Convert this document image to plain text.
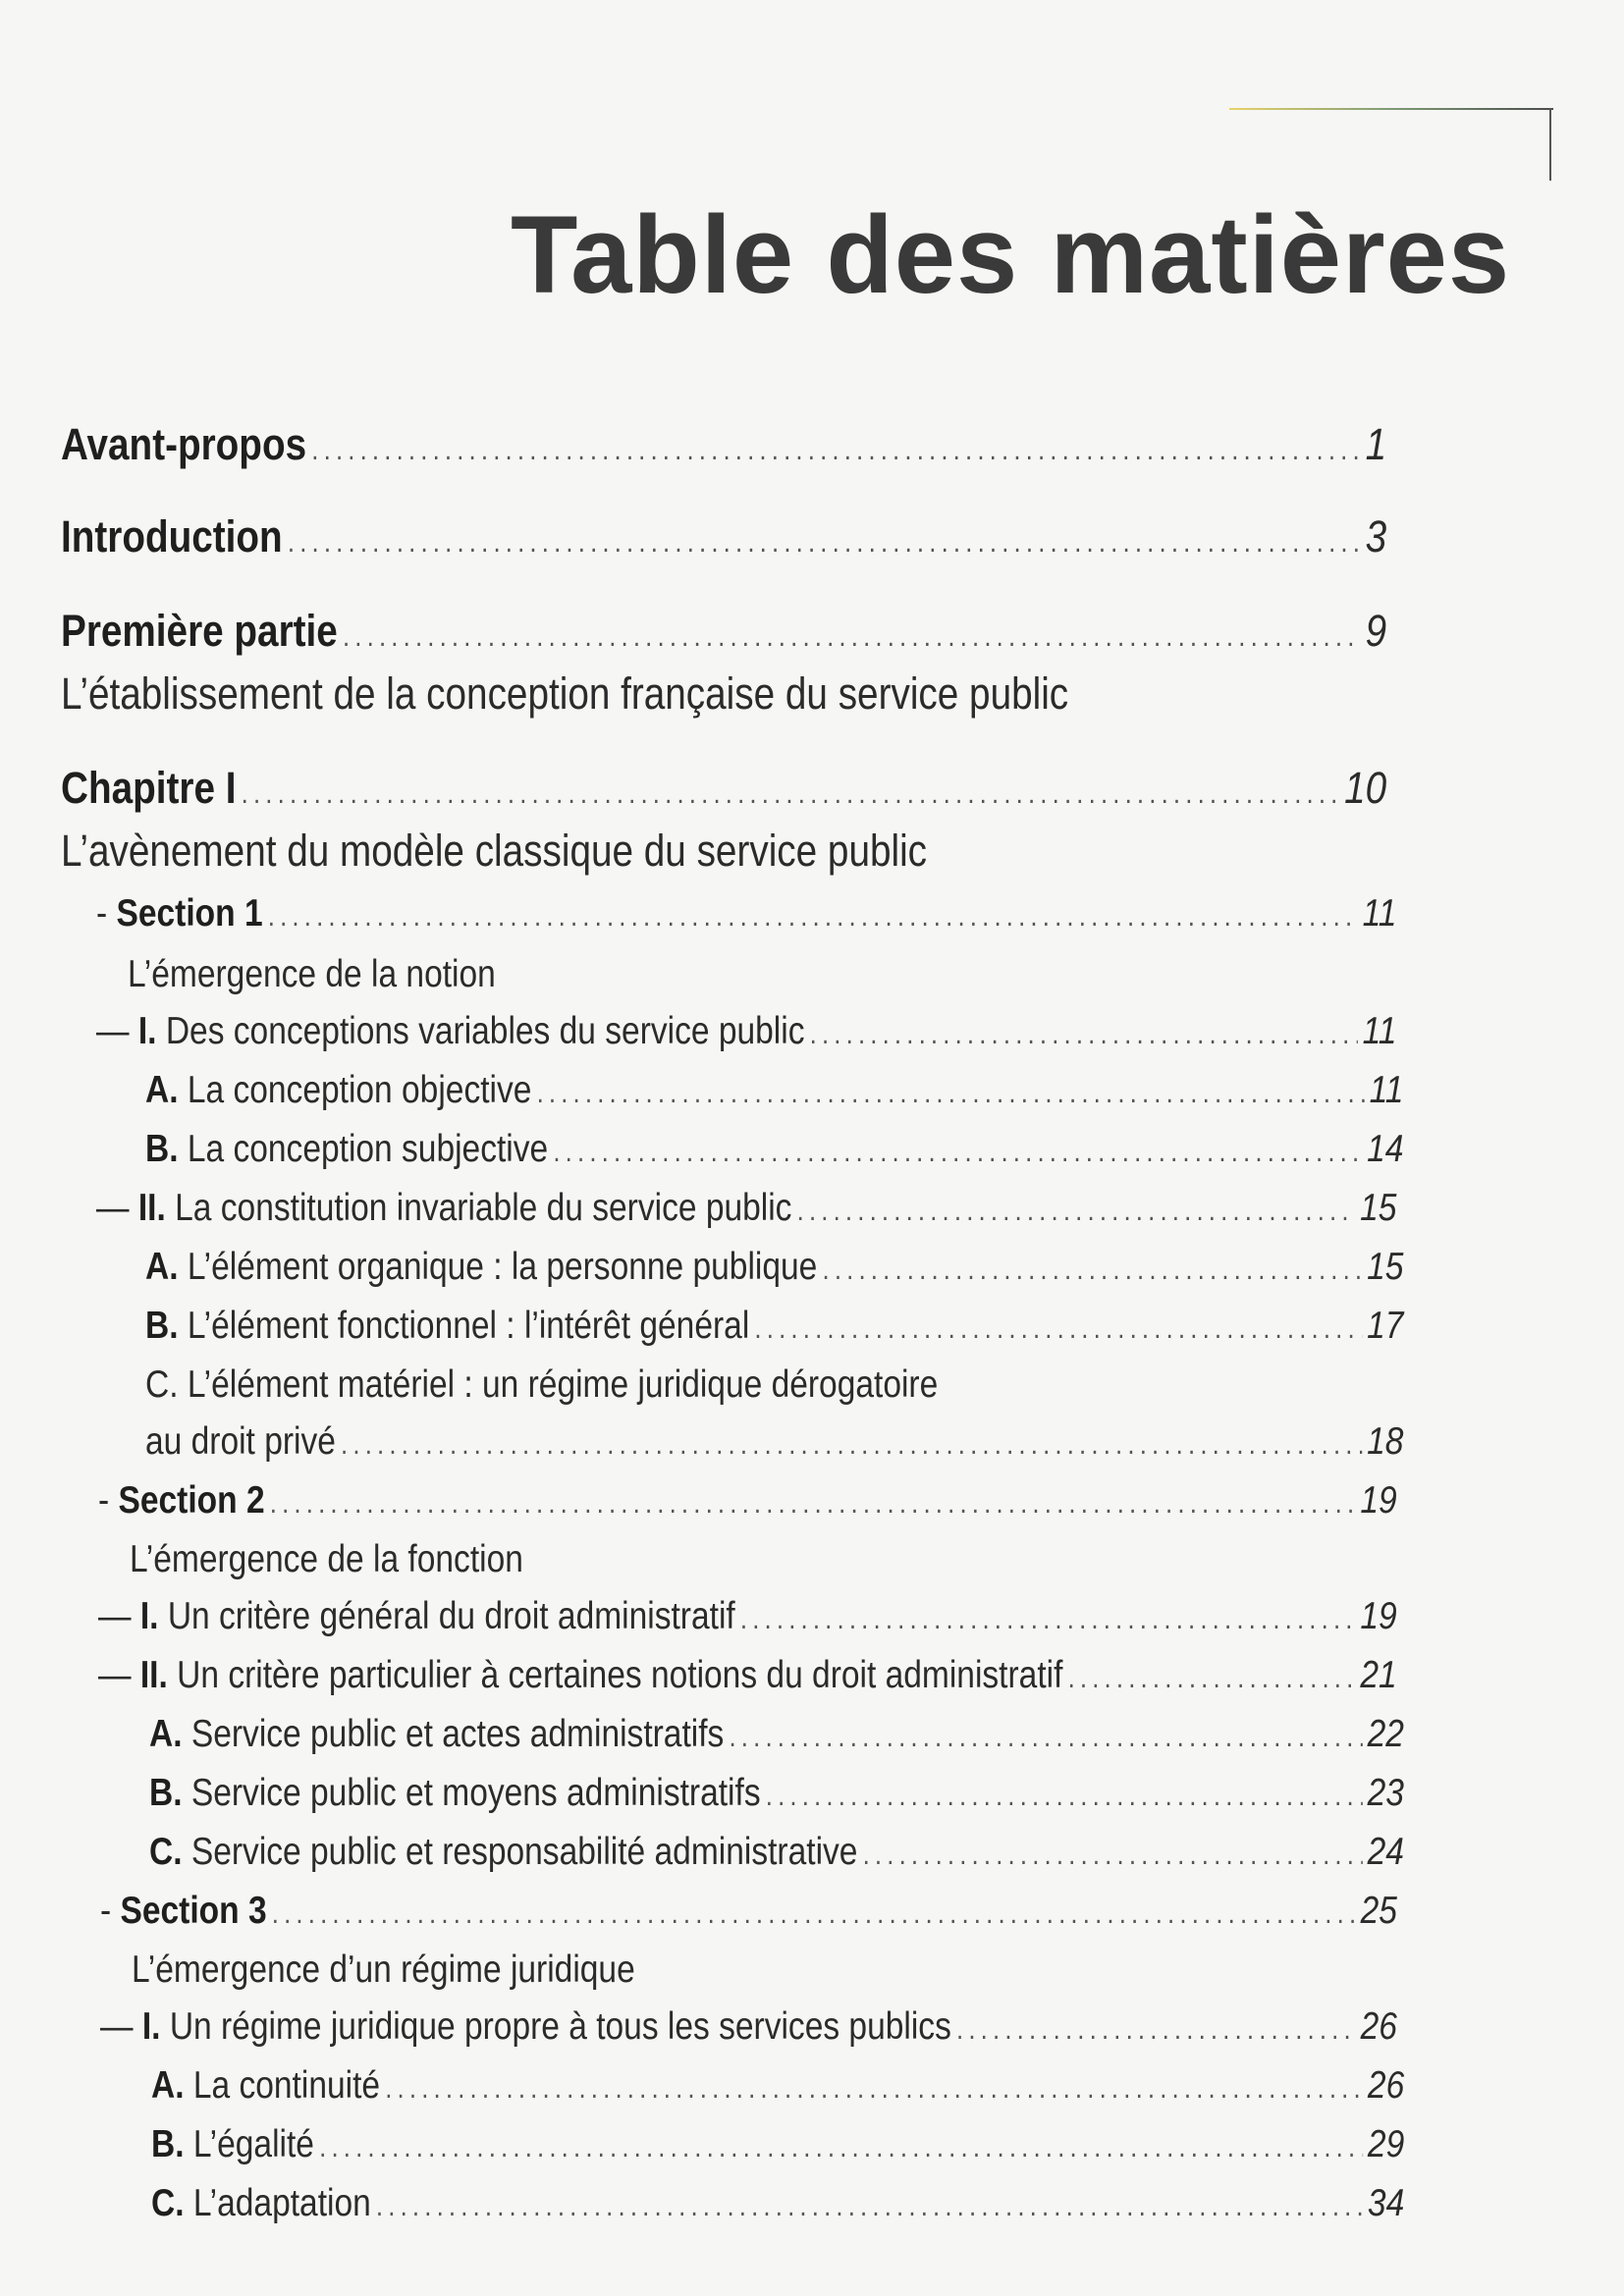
Table des matières
Avant-propos .....	1
Introduction .....	3
Première partie .....	9
L’établissement de la conception française du service public
Chapitre I .....	10
L’avènement du modèle classique du service public
- Section 1 .....	11
L’émergence de la notion
— I. Des conceptions variables du service public .....	11
A. La conception objective .....	11
B. La conception subjective .....	14
— II. La constitution invariable du service public .....	15
A. L’élément organique : la personne publique .....	15
B. L’élément fonctionnel : l’intérêt général .....	17
C. L’élément matériel : un régime juridique dérogatoire
au droit privé .....	18
- Section 2 .....	19
L’émergence de la fonction
— I. Un critère général du droit administratif .....	19
— II. Un critère particulier à certaines notions du droit administratif .....	21
A. Service public et actes administratifs .....	22
B. Service public et moyens administratifs .....	23
C. Service public et responsabilité administrative .....	24
- Section 3 .....	25
L’émergence d’un régime juridique
— I. Un régime juridique propre à tous les services publics .....	26
A. La continuité .....	26
B. L’égalité .....	29
C. L’adaptation .....	34
